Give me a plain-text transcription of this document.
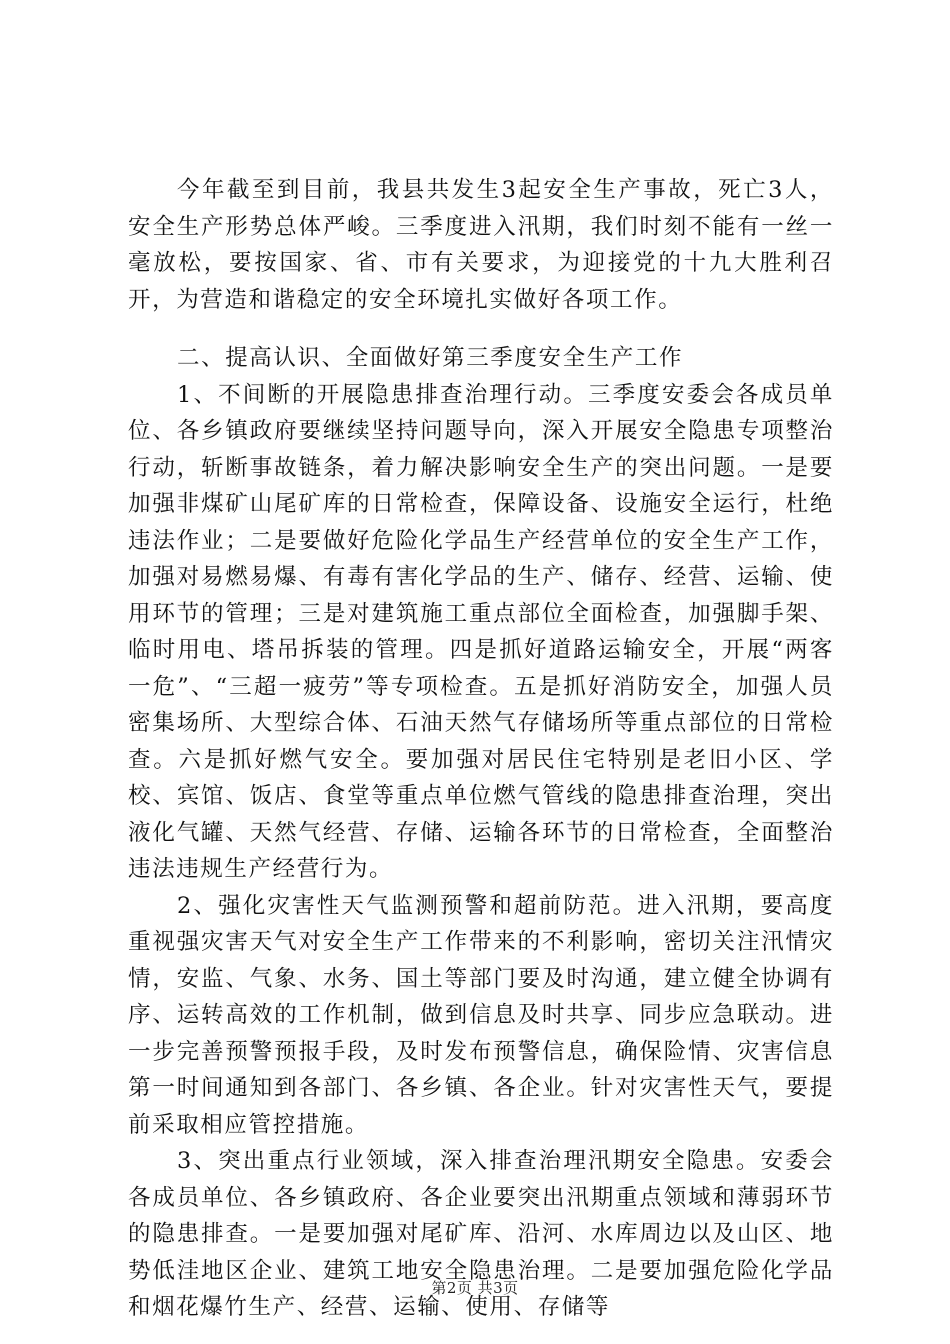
今年截至到目前，我县共发生3起安全生产事故，死亡3人，安全生产形势总体严峻。三季度进入汛期，我们时刻不能有一丝一毫放松，要按国家、省、市有关要求，为迎接党的十九大胜利召开，为营造和谐稳定的安全环境扎实做好各项工作。

二、提高认识、全面做好第三季度安全生产工作

1、不间断的开展隐患排查治理行动。三季度安委会各成员单位、各乡镇政府要继续坚持问题导向，深入开展安全隐患专项整治行动，斩断事故链条，着力解决影响安全生产的突出问题。一是要加强非煤矿山尾矿库的日常检查，保障设备、设施安全运行，杜绝违法作业；二是要做好危险化学品生产经营单位的安全生产工作，加强对易燃易爆、有毒有害化学品的生产、储存、经营、运输、使用环节的管理；三是对建筑施工重点部位全面检查，加强脚手架、临时用电、塔吊拆装的管理。四是抓好道路运输安全，开展“两客一危”、“三超一疲劳”等专项检查。五是抓好消防安全，加强人员密集场所、大型综合体、石油天然气存储场所等重点部位的日常检查。六是抓好燃气安全。要加强对居民住宅特别是老旧小区、学校、宾馆、饭店、食堂等重点单位燃气管线的隐患排查治理，突出液化气罐、天然气经营、存储、运输各环节的日常检查，全面整治违法违规生产经营行为。

2、强化灾害性天气监测预警和超前防范。进入汛期，要高度重视强灾害天气对安全生产工作带来的不利影响，密切关注汛情灾情，安监、气象、水务、国土等部门要及时沟通，建立健全协调有序、运转高效的工作机制，做到信息及时共享、同步应急联动。进一步完善预警预报手段，及时发布预警信息，确保险情、灾害信息第一时间通知到各部门、各乡镇、各企业。针对灾害性天气，要提前采取相应管控措施。

3、突出重点行业领域，深入排查治理汛期安全隐患。安委会各成员单位、各乡镇政府、各企业要突出汛期重点领域和薄弱环节的隐患排查。一是要加强对尾矿库、沿河、水库周边以及山区、地势低洼地区企业、建筑工地安全隐患治理。二是要加强危险化学品和烟花爆竹生产、经营、运输、使用、存储等

第2页 共3页
